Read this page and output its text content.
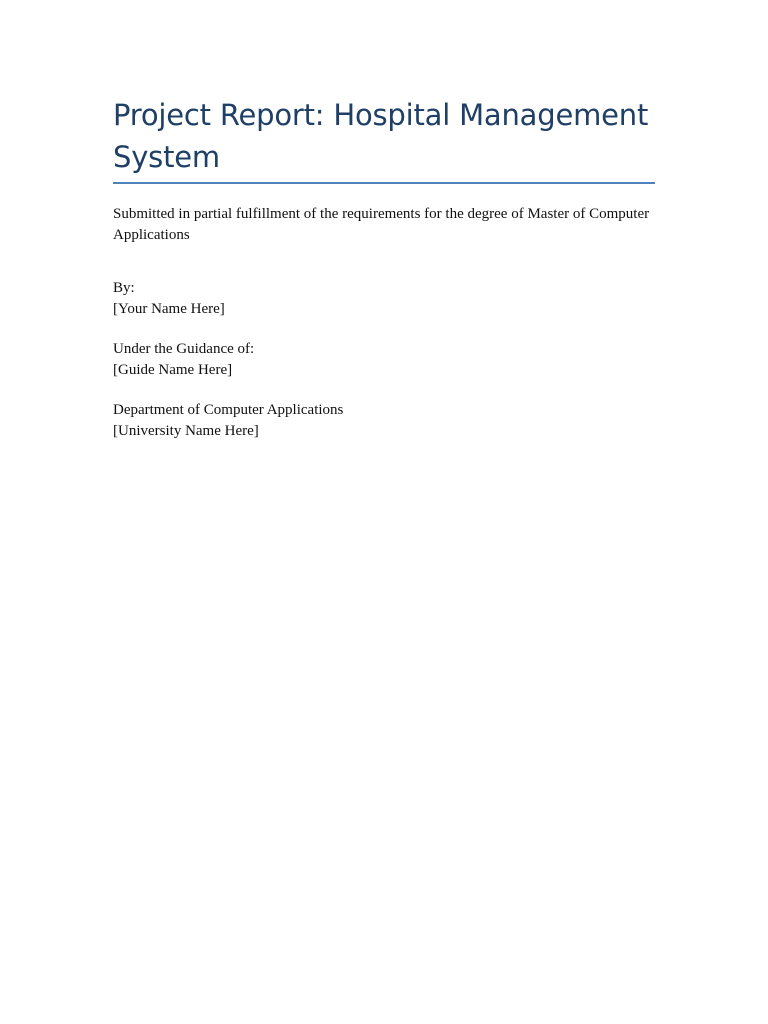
Project Report: Hospital Management System

Submitted in partial fulfillment of the requirements for the degree of Master of Computer Applications

By:
[Your Name Here]
Under the Guidance of:
[Guide Name Here]
Department of Computer Applications
[University Name Here]
